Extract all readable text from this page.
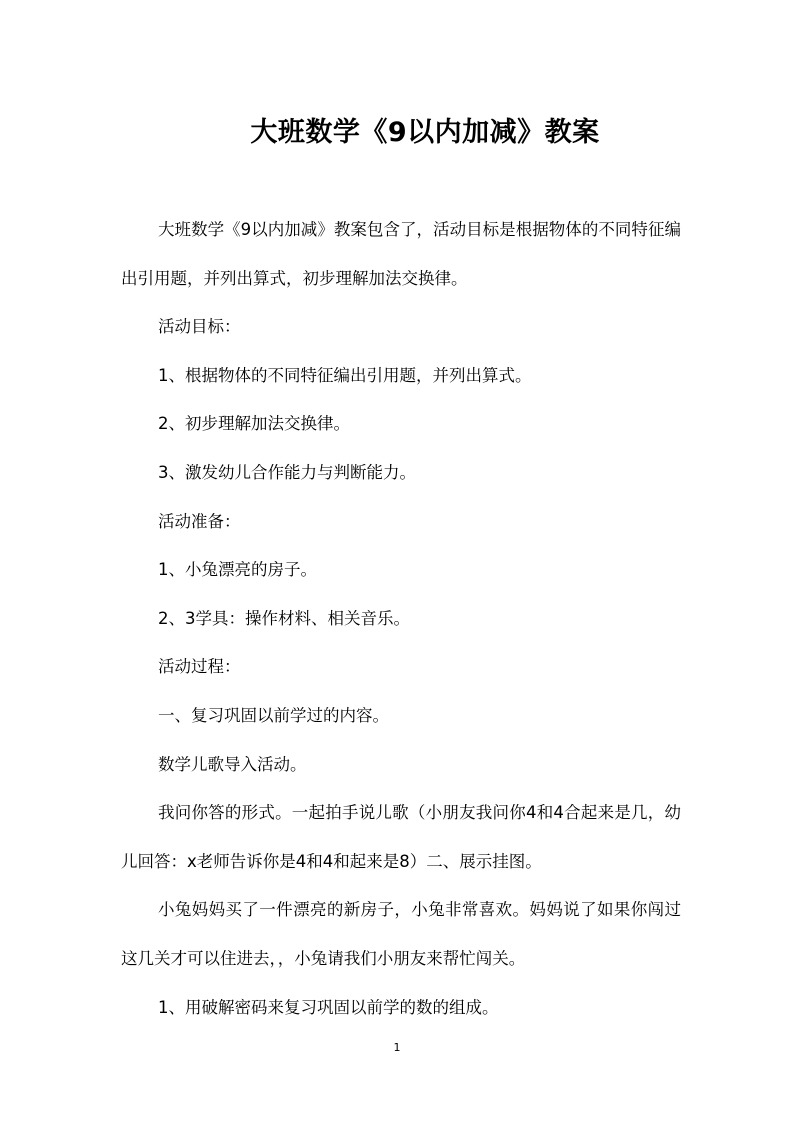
大班数学《9以内加减》教案

大班数学《9以内加减》教案包含了，活动目标是根据物体的不同特征编出引用题，并列出算式，初步理解加法交换律。

活动目标：

1、根据物体的不同特征编出引用题，并列出算式。

2、初步理解加法交换律。

3、激发幼儿合作能力与判断能力。

活动准备：

1、小兔漂亮的房子。

2、3学具：操作材料、相关音乐。

活动过程：

一、复习巩固以前学过的内容。

数学儿歌导入活动。

我问你答的形式。一起拍手说儿歌（小朋友我问你4和4合起来是几，幼儿回答：x老师告诉你是4和4和起来是8）二、展示挂图。

小兔妈妈买了一件漂亮的新房子，小兔非常喜欢。妈妈说了如果你闯过这几关才可以住进去，，小兔请我们小朋友来帮忙闯关。

1、用破解密码来复习巩固以前学的数的组成。

1
